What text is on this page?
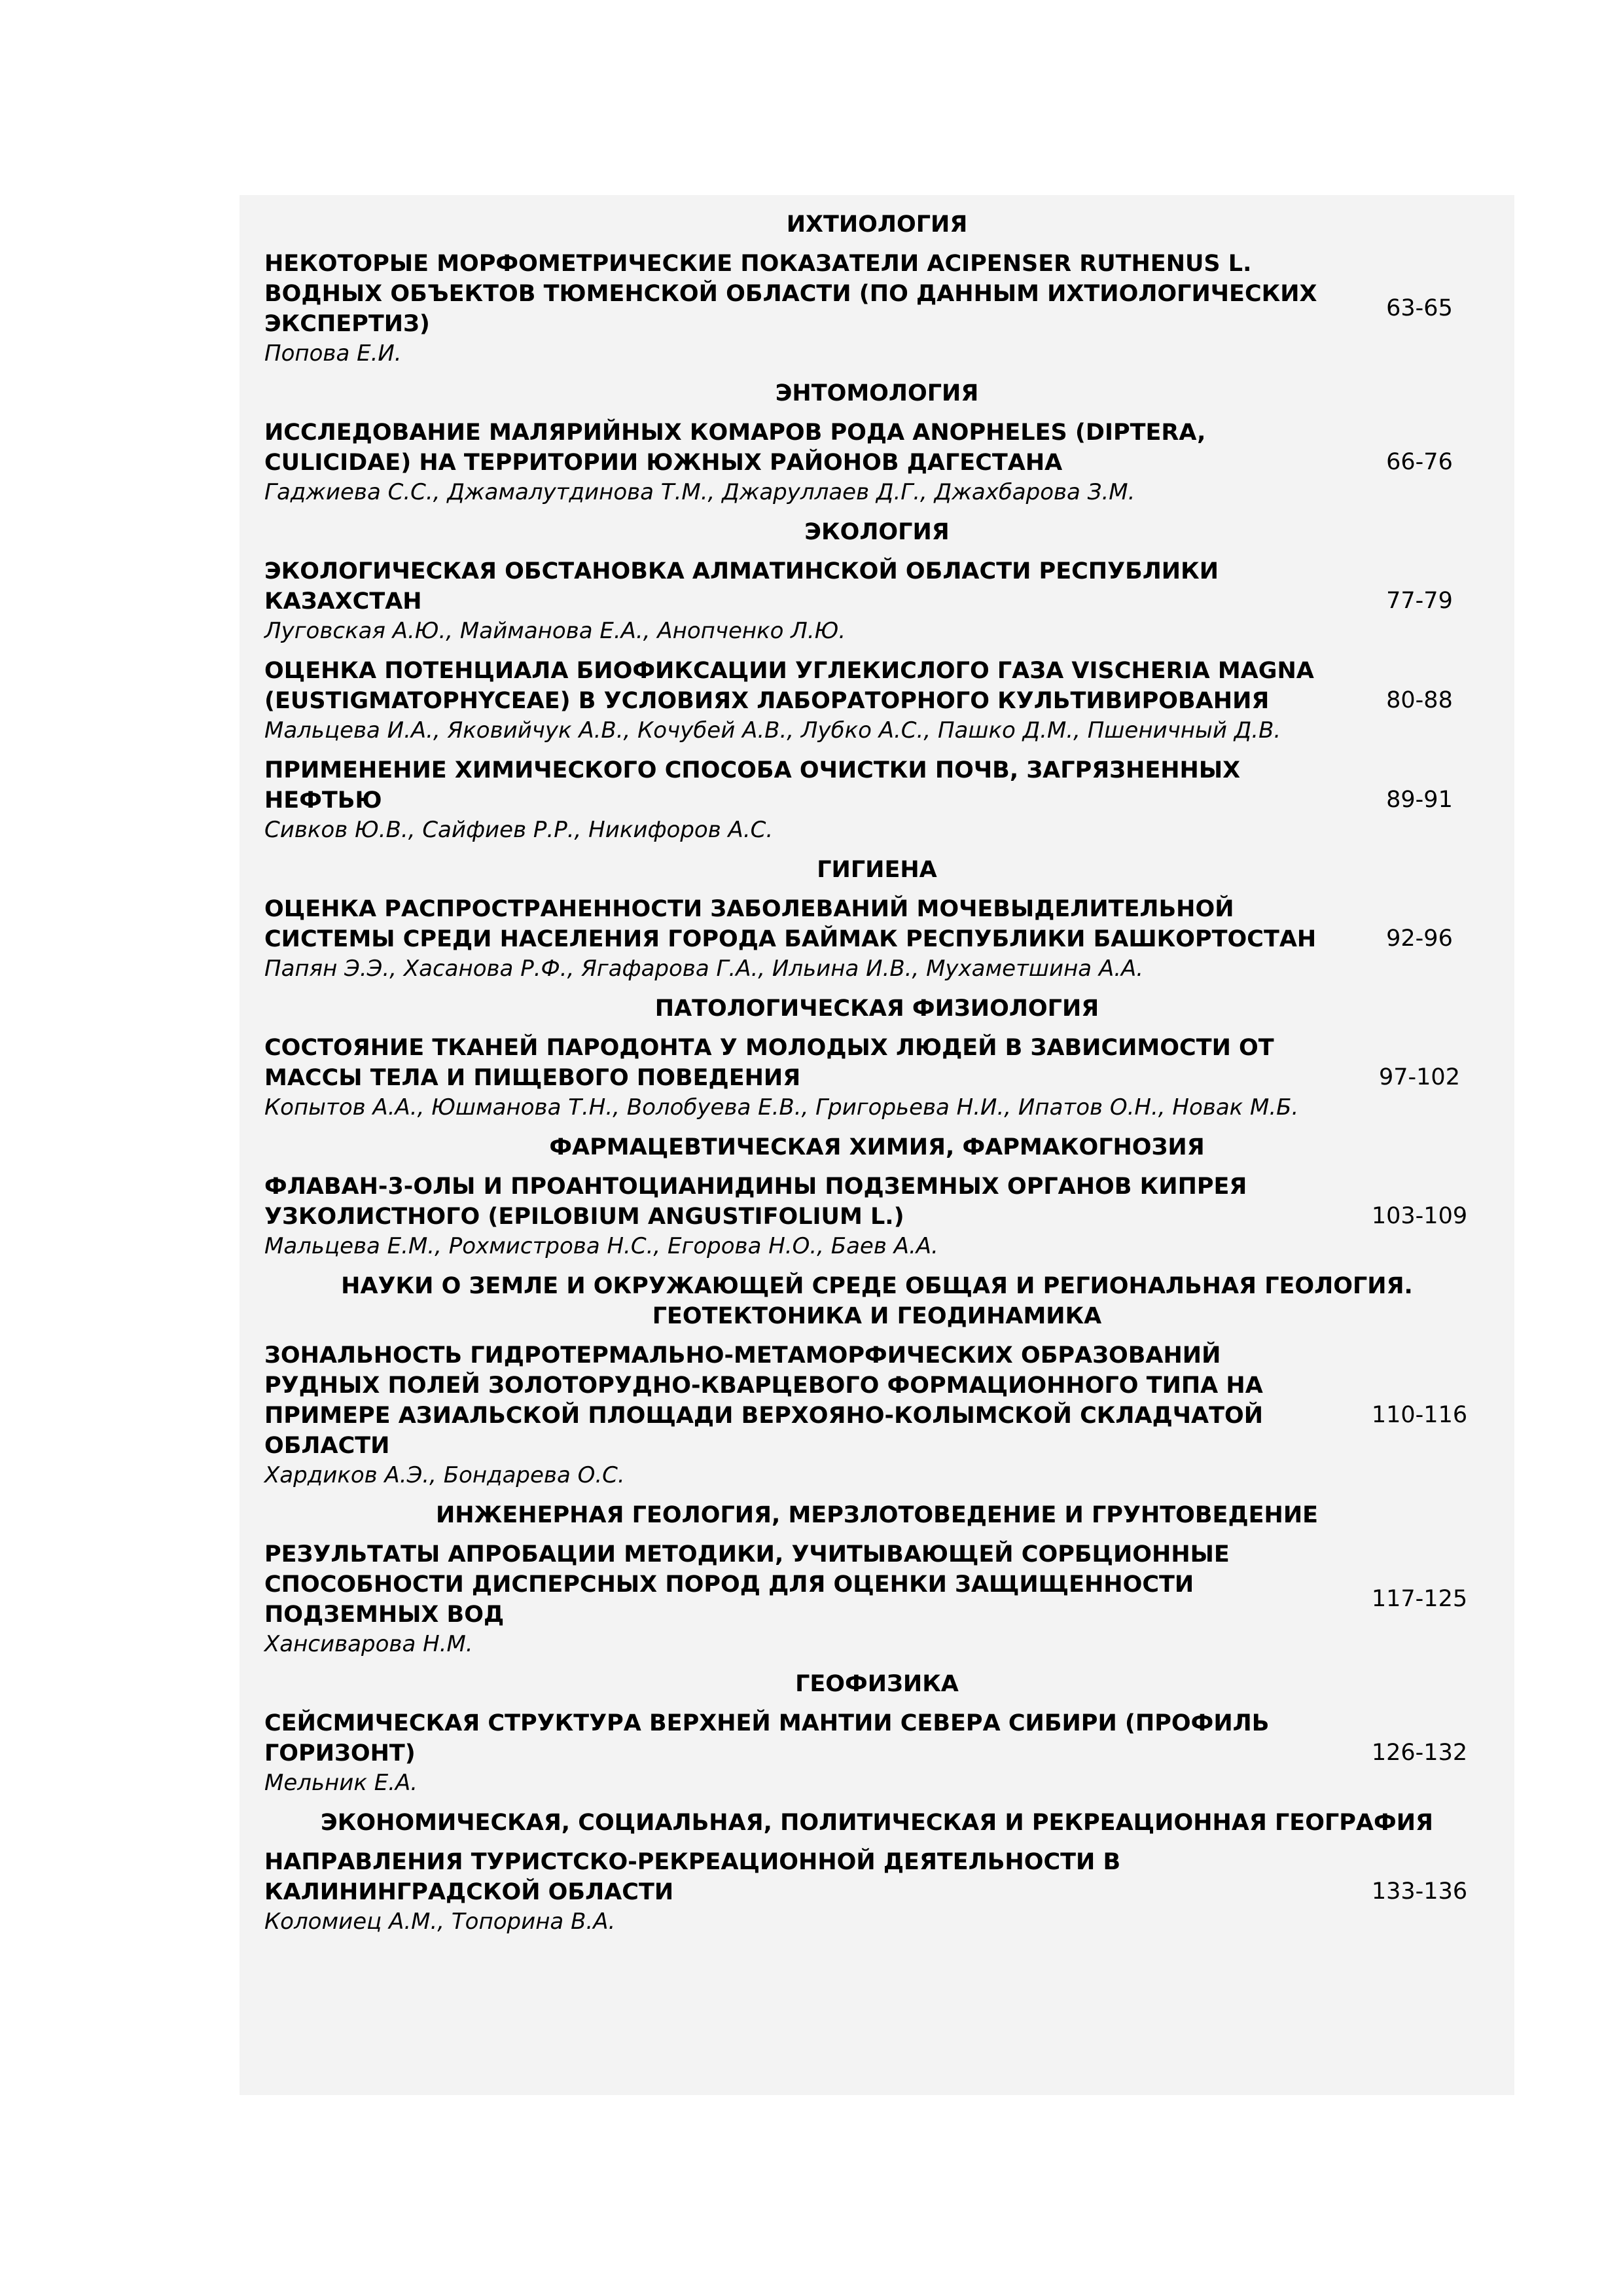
ИХТИОЛОГИЯ
НЕКОТОРЫЕ МОРФОМЕТРИЧЕСКИЕ ПОКАЗАТЕЛИ ACIPENSER RUTHENUS L. ВОДНЫХ ОБЪЕКТОВ ТЮМЕНСКОЙ ОБЛАСТИ (ПО ДАННЫМ ИХТИОЛОГИЧЕСКИХ ЭКСПЕРТИЗ)
Попова Е.И.
63-65
ЭНТОМОЛОГИЯ
ИССЛЕДОВАНИЕ МАЛЯРИЙНЫХ КОМАРОВ РОДА ANOPHELES (DIPTERA, CULICIDAE) НА ТЕРРИТОРИИ ЮЖНЫХ РАЙОНОВ ДАГЕСТАНА
Гаджиева С.С., Джамалутдинова Т.М., Джаруллаев Д.Г., Джахбарова З.М.
66-76
ЭКОЛОГИЯ
ЭКОЛОГИЧЕСКАЯ ОБСТАНОВКА АЛМАТИНСКОЙ ОБЛАСТИ РЕСПУБЛИКИ КАЗАХСТАН
Луговская А.Ю., Майманова Е.А., Анопченко Л.Ю.
77-79
ОЦЕНКА ПОТЕНЦИАЛА БИОФИКСАЦИИ УГЛЕКИСЛОГО ГАЗА VISCHERIA MAGNA (EUSTIGMATOPHYCEAE) В УСЛОВИЯХ ЛАБОРАТОРНОГО КУЛЬТИВИРОВАНИЯ
Мальцева И.А., Яковийчук А.В., Кочубей А.В., Лубко А.С., Пашко Д.М., Пшеничный Д.В.
80-88
ПРИМЕНЕНИЕ ХИМИЧЕСКОГО СПОСОБА ОЧИСТКИ ПОЧВ, ЗАГРЯЗНЕННЫХ НЕФТЬЮ
Сивков Ю.В., Сайфиев Р.Р., Никифоров А.С.
89-91
ГИГИЕНА
ОЦЕНКА РАСПРОСТРАНЕННОСТИ ЗАБОЛЕВАНИЙ МОЧЕВЫДЕЛИТЕЛЬНОЙ СИСТЕМЫ СРЕДИ НАСЕЛЕНИЯ ГОРОДА БАЙМАК РЕСПУБЛИКИ БАШКОРТОСТАН
Папян Э.Э., Хасанова Р.Ф., Ягафарова Г.А., Ильина И.В., Мухаметшина А.А.
92-96
ПАТОЛОГИЧЕСКАЯ ФИЗИОЛОГИЯ
СОСТОЯНИЕ ТКАНЕЙ ПАРОДОНТА У МОЛОДЫХ ЛЮДЕЙ В ЗАВИСИМОСТИ ОТ МАССЫ ТЕЛА И ПИЩЕВОГО ПОВЕДЕНИЯ
Копытов А.А., Юшманова Т.Н., Волобуева Е.В., Григорьева Н.И., Ипатов О.Н., Новак М.Б.
97-102
ФАРМАЦЕВТИЧЕСКАЯ ХИМИЯ, ФАРМАКОГНОЗИЯ
ФЛАВАН-3-ОЛЫ И ПРОАНТОЦИАНИДИНЫ ПОДЗЕМНЫХ ОРГАНОВ КИПРЕЯ УЗКОЛИСТНОГО (EPILOBIUM ANGUSTIFOLIUM L.)
Мальцева Е.М., Рохмистрова Н.С., Егорова Н.О., Баев А.А.
103-109
НАУКИ О ЗЕМЛЕ И ОКРУЖАЮЩЕЙ СРЕДЕ ОБЩАЯ И РЕГИОНАЛЬНАЯ ГЕОЛОГИЯ. ГЕОТЕКТОНИКА И ГЕОДИНАМИКА
ЗОНАЛЬНОСТЬ ГИДРОТЕРМАЛЬНО-МЕТАМОРФИЧЕСКИХ ОБРАЗОВАНИЙ РУДНЫХ ПОЛЕЙ ЗОЛОТОРУДНО-КВАРЦЕВОГО ФОРМАЦИОННОГО ТИПА НА ПРИМЕРЕ АЗИАЛЬСКОЙ ПЛОЩАДИ ВЕРХОЯНО-КОЛЫМСКОЙ СКЛАДЧАТОЙ ОБЛАСТИ
Хардиков А.Э., Бондарева О.С.
110-116
ИНЖЕНЕРНАЯ ГЕОЛОГИЯ, МЕРЗЛОТОВЕДЕНИЕ И ГРУНТОВЕДЕНИЕ
РЕЗУЛЬТАТЫ АПРОБАЦИИ МЕТОДИКИ, УЧИТЫВАЮЩЕЙ СОРБЦИОННЫЕ СПОСОБНОСТИ ДИСПЕРСНЫХ ПОРОД ДЛЯ ОЦЕНКИ ЗАЩИЩЕННОСТИ ПОДЗЕМНЫХ ВОД
Хансиварова Н.М.
117-125
ГЕОФИЗИКА
СЕЙСМИЧЕСКАЯ СТРУКТУРА ВЕРХНЕЙ МАНТИИ СЕВЕРА СИБИРИ (ПРОФИЛЬ ГОРИЗОНТ)
Мельник Е.А.
126-132
ЭКОНОМИЧЕСКАЯ, СОЦИАЛЬНАЯ, ПОЛИТИЧЕСКАЯ И РЕКРЕАЦИОННАЯ ГЕОГРАФИЯ
НАПРАВЛЕНИЯ ТУРИСТСКО-РЕКРЕАЦИОННОЙ ДЕЯТЕЛЬНОСТИ В КАЛИНИНГРАДСКОЙ ОБЛАСТИ
Коломиец А.М., Топорина В.А.
133-136
